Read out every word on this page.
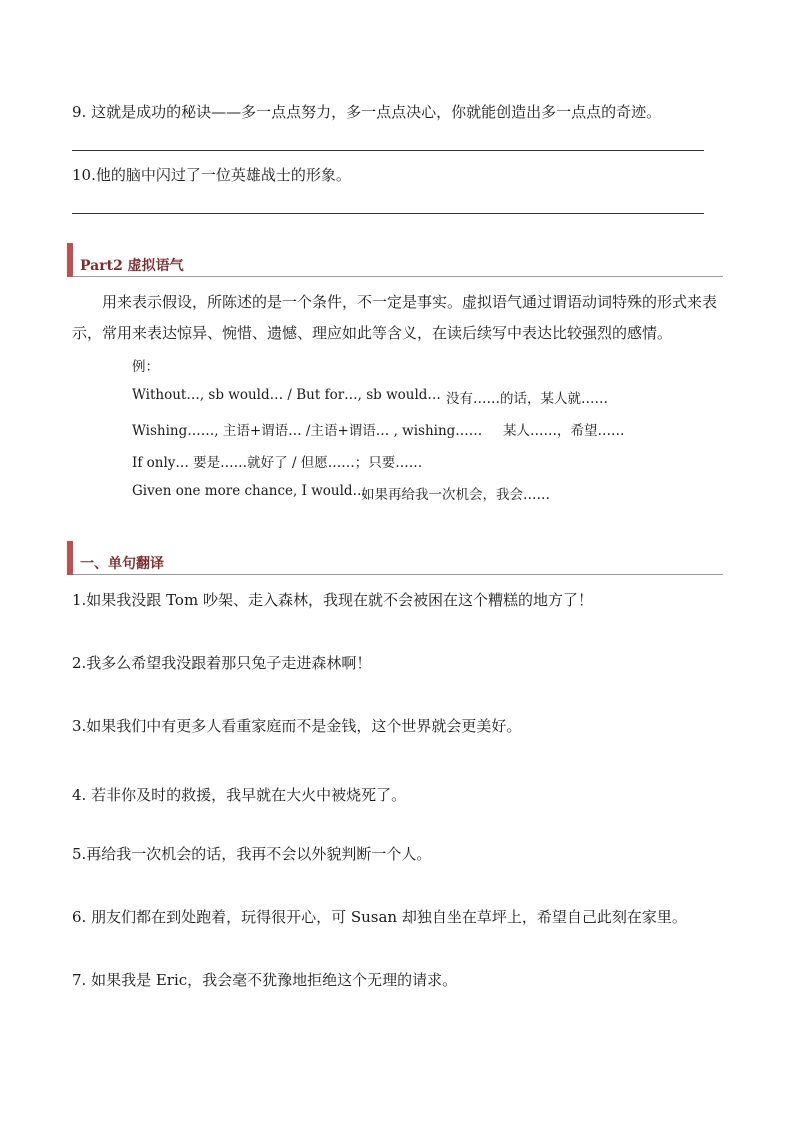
9. 这就是成功的秘诀——多一点点努力，多一点点决心，你就能创造出多一点点的奇迹。
10.他的脑中闪过了一位英雄战士的形象。
Part2 虚拟语气
用来表示假设，所陈述的是一个条件，不一定是事实。虚拟语气通过谓语动词特殊的形式来表示，常用来表达惊异、惋惜、遗憾、理应如此等含义，在读后续写中表达比较强烈的感情。
例：
Without…, sb would… / But for…, sb would… 没有……的话，某人就……
Wishing……, 主语+谓语… /主语+谓语… , wishing…… 某人……，希望……
If only… 要是……就好了 / 但愿……；只要……
Given one more chance, I would…
如果再给我一次机会，我会……
一、单句翻译
1.如果我没跟 Tom 吵架、走入森林，我现在就不会被困在这个糟糕的地方了！
2.我多么希望我没跟着那只兔子走进森林啊！
3.如果我们中有更多人看重家庭而不是金钱，这个世界就会更美好。
4. 若非你及时的救援，我早就在大火中被烧死了。
5.再给我一次机会的话，我再不会以外貌判断一个人。
6. 朋友们都在到处跑着，玩得很开心，可 Susan 却独自坐在草坪上，希望自己此刻在家里。
7. 如果我是 Eric，我会毫不犹豫地拒绝这个无理的请求。
